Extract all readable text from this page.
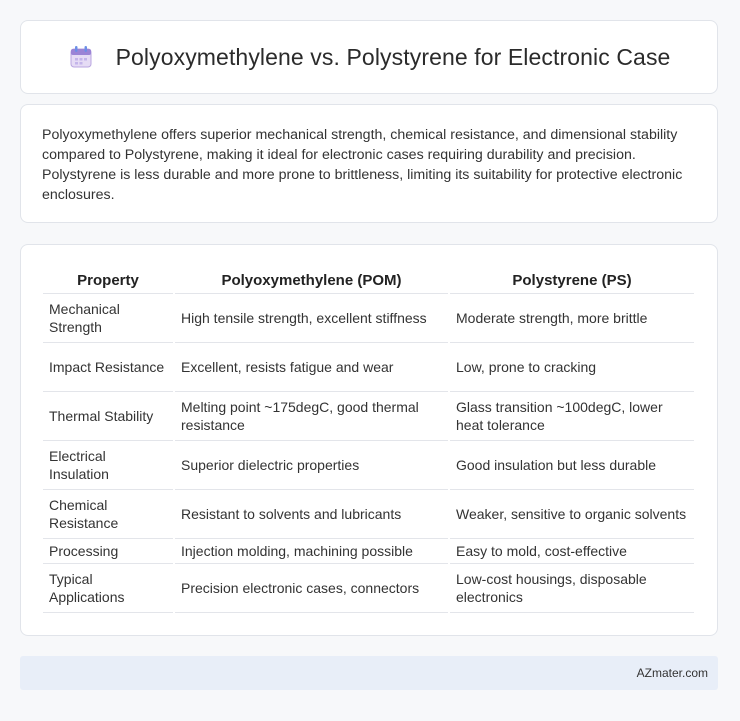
Polyoxymethylene vs. Polystyrene for Electronic Case

Polyoxymethylene offers superior mechanical strength, chemical resistance, and dimensional stability compared to Polystyrene, making it ideal for electronic cases requiring durability and precision. Polystyrene is less durable and more prone to brittleness, limiting its suitability for protective electronic enclosures.

Property	Polyoxymethylene (POM)	Polystyrene (PS)
Mechanical Strength	High tensile strength, excellent stiffness	Moderate strength, more brittle
Impact Resistance	Excellent, resists fatigue and wear	Low, prone to cracking
Thermal Stability	Melting point ~175degC, good thermal resistance	Glass transition ~100degC, lower heat tolerance
Electrical Insulation	Superior dielectric properties	Good insulation but less durable
Chemical Resistance	Resistant to solvents and lubricants	Weaker, sensitive to organic solvents
Processing	Injection molding, machining possible	Easy to mold, cost-effective
Typical Applications	Precision electronic cases, connectors	Low-cost housings, disposable electronics
AZmater.com
